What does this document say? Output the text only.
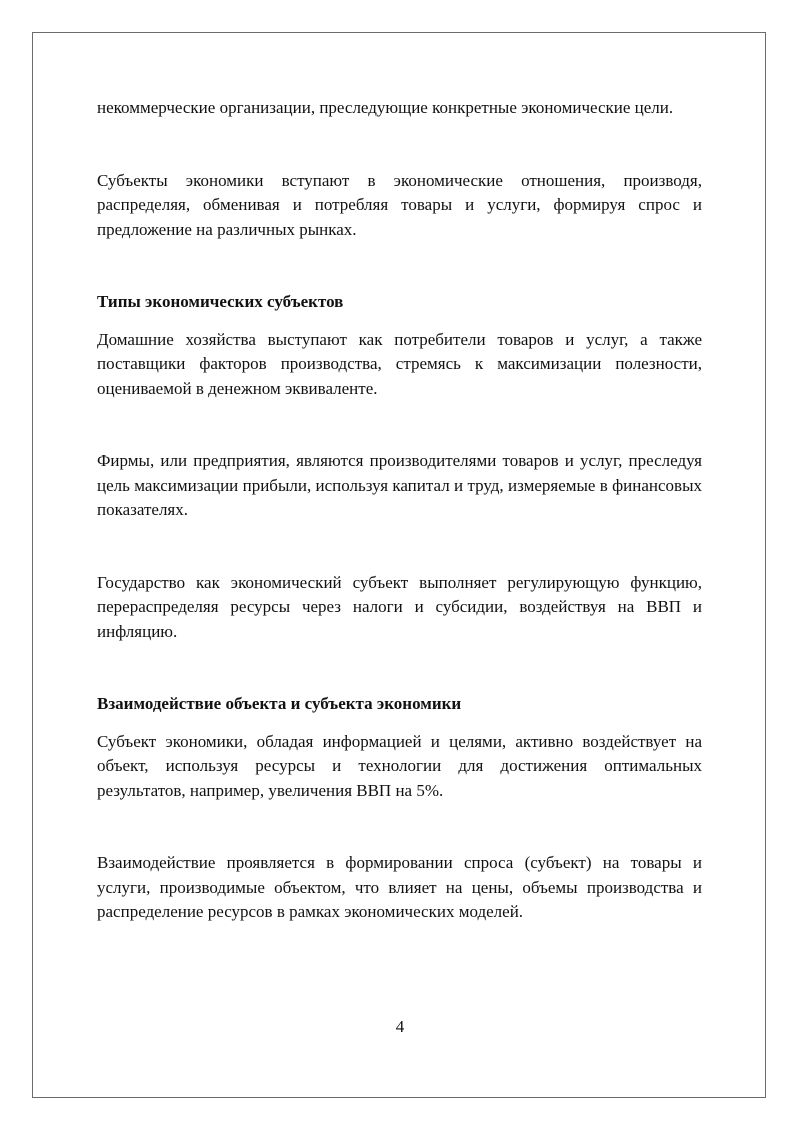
некоммерческие организации, преследующие конкретные экономические цели.

Субъекты экономики вступают в экономические отношения, производя, распределяя, обменивая и потребляя товары и услуги, формируя спрос и предложение на различных рынках.

Типы экономических субъектов

Домашние хозяйства выступают как потребители товаров и услуг, а также поставщики факторов производства, стремясь к максимизации полезности, оцениваемой в денежном эквиваленте.

Фирмы, или предприятия, являются производителями товаров и услуг, преследуя цель максимизации прибыли, используя капитал и труд, измеряемые в финансовых показателях.

Государство как экономический субъект выполняет регулирующую функцию, перераспределяя ресурсы через налоги и субсидии, воздействуя на ВВП и инфляцию.

Взаимодействие объекта и субъекта экономики

Субъект экономики, обладая информацией и целями, активно воздействует на объект, используя ресурсы и технологии для достижения оптимальных результатов, например, увеличения ВВП на 5%.

Взаимодействие проявляется в формировании спроса (субъект) на товары и услуги, производимые объектом, что влияет на цены, объемы производства и распределение ресурсов в рамках экономических моделей.

4
